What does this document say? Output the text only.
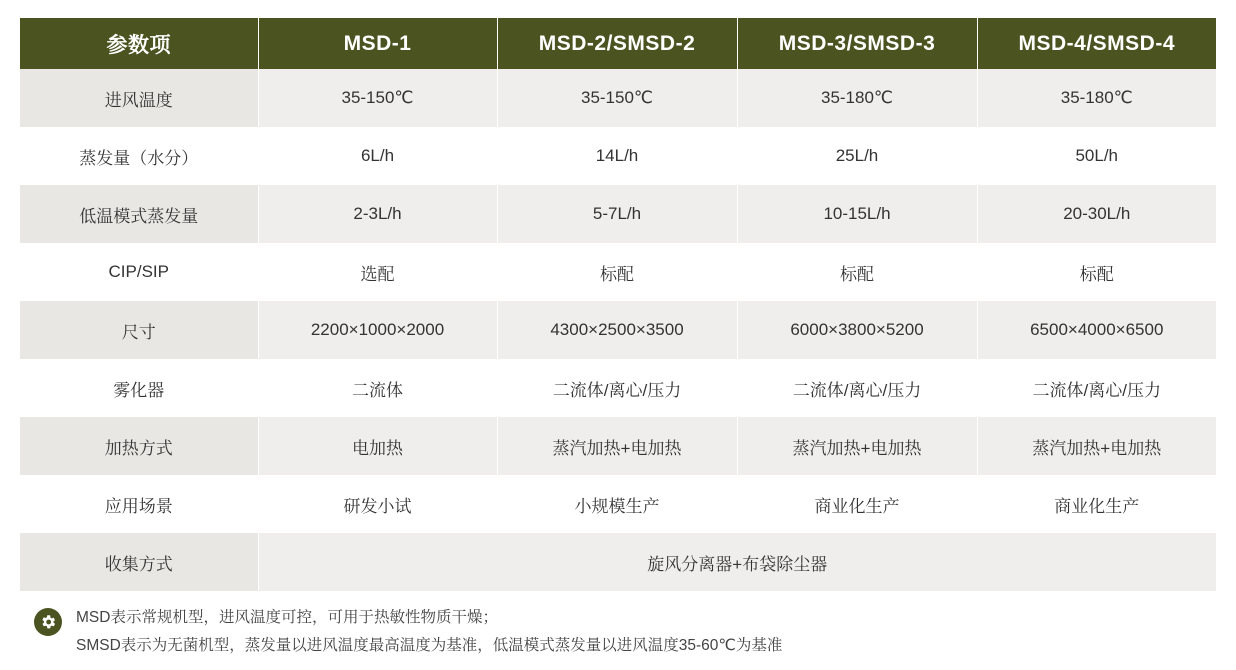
参数项	MSD-1	MSD-2/SMSD-2	MSD-3/SMSD-3	MSD-4/SMSD-4
进风温度	35-150℃	35-150℃	35-180℃	35-180℃
蒸发量（水分）	6L/h	14L/h	25L/h	50L/h
低温模式蒸发量	2-3L/h	5-7L/h	10-15L/h	20-30L/h
CIP/SIP	选配	标配	标配	标配
尺寸	2200×1000×2000	4300×2500×3500	6000×3800×5200	6500×4000×6500
雾化器	二流体	二流体/离心/压力	二流体/离心/压力	二流体/离心/压力
加热方式	电加热	蒸汽加热+电加热	蒸汽加热+电加热	蒸汽加热+电加热
应用场景	研发小试	小规模生产	商业化生产	商业化生产
收集方式	旋风分离器+布袋除尘器			
MSD表示常规机型，进风温度可控，可用于热敏性物质干燥；
SMSD表示为无菌机型，蒸发量以进风温度最高温度为基准，低温模式蒸发量以进风温度35-60℃为基准
